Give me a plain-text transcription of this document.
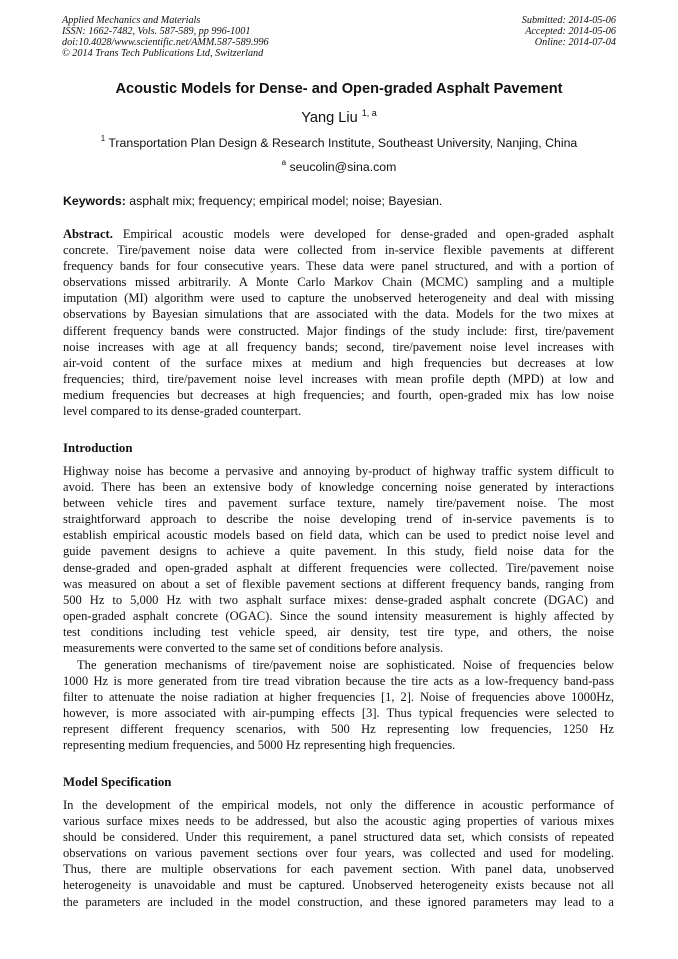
Applied Mechanics and Materials
ISSN: 1662-7482, Vols. 587-589, pp 996-1001
doi:10.4028/www.scientific.net/AMM.587-589.996
© 2014 Trans Tech Publications Ltd, Switzerland
Submitted: 2014-05-06
Accepted: 2014-05-06
Online: 2014-07-04
Acoustic Models for Dense- and Open-graded Asphalt Pavement
Yang Liu $^{1, a}$
$^1$ Transportation Plan Design & Research Institute, Southeast University, Nanjing, China
$^a$ seucolin@sina.com
Keywords: asphalt mix; frequency; empirical model; noise; Bayesian.
Abstract. Empirical acoustic models were developed for dense-graded and open-graded asphalt
concrete. Tire/pavement noise data were collected from in-service flexible pavements at different
frequency bands for four consecutive years. These data were panel structured, and with a portion of
observations missed arbitrarily. A Monte Carlo Markov Chain (MCMC) sampling and a multiple
imputation (MI) algorithm were used to capture the unobserved heterogeneity and deal with missing
observations by Bayesian simulations that are associated with the data. Models for the two mixes at
different frequency bands were constructed. Major findings of the study include: first, tire/pavement
noise increases with age at all frequency bands; second, tire/pavement noise level increases with
air-void content of the surface mixes at medium and high frequencies but decreases at low
frequencies; third, tire/pavement noise level increases with mean profile depth (MPD) at low and
medium frequencies but decreases at high frequencies; and fourth, open-graded mix has low noise
level compared to its dense-graded counterpart.
Introduction
Highway noise has become a pervasive and annoying by-product of highway traffic system difficult to
avoid. There has been an extensive body of knowledge concerning noise generated by interactions
between vehicle tires and pavement surface texture, namely tire/pavement noise. The most
straightforward approach to describe the noise developing trend of in-service pavements is to
establish empirical acoustic models based on field data, which can be used to predict noise level and
guide pavement designs to achieve a quite pavement. In this study, field noise data for the
dense-graded and open-graded asphalt at different frequencies were collected. Tire/pavement noise
was measured on about a set of flexible pavement sections at different frequency bands, ranging from
500 Hz to 5,000 Hz with two asphalt surface mixes: dense-graded asphalt concrete (DGAC) and
open-graded asphalt concrete (OGAC). Since the sound intensity measurement is highly affected by
test conditions including test vehicle speed, air density, test tire type, and others, the noise
measurements were converted to the same set of conditions before analysis.
The generation mechanisms of tire/pavement noise are sophisticated. Noise of frequencies below
1000 Hz is more generated from tire tread vibration because the tire acts as a low-frequency band-pass
filter to attenuate the noise radiation at higher frequencies [1, 2]. Noise of frequencies above 1000Hz,
however, is more associated with air-pumping effects [3]. Thus typical frequencies were selected to
represent different frequency scenarios, with 500 Hz representing low frequencies, 1250 Hz
representing medium frequencies, and 5000 Hz representing high frequencies.
Model Specification
In the development of the empirical models, not only the difference in acoustic performance of
various surface mixes needs to be addressed, but also the acoustic aging properties of various mixes
should be considered. Under this requirement, a panel structured data set, which consists of repeated
observations on various pavement sections over four years, was collected and used for modeling.
Thus, there are multiple observations for each pavement section. With panel data, unobserved
heterogeneity is unavoidable and must be captured. Unobserved heterogeneity exists because not all
the parameters are included in the model construction, and these ignored parameters may lead to a
